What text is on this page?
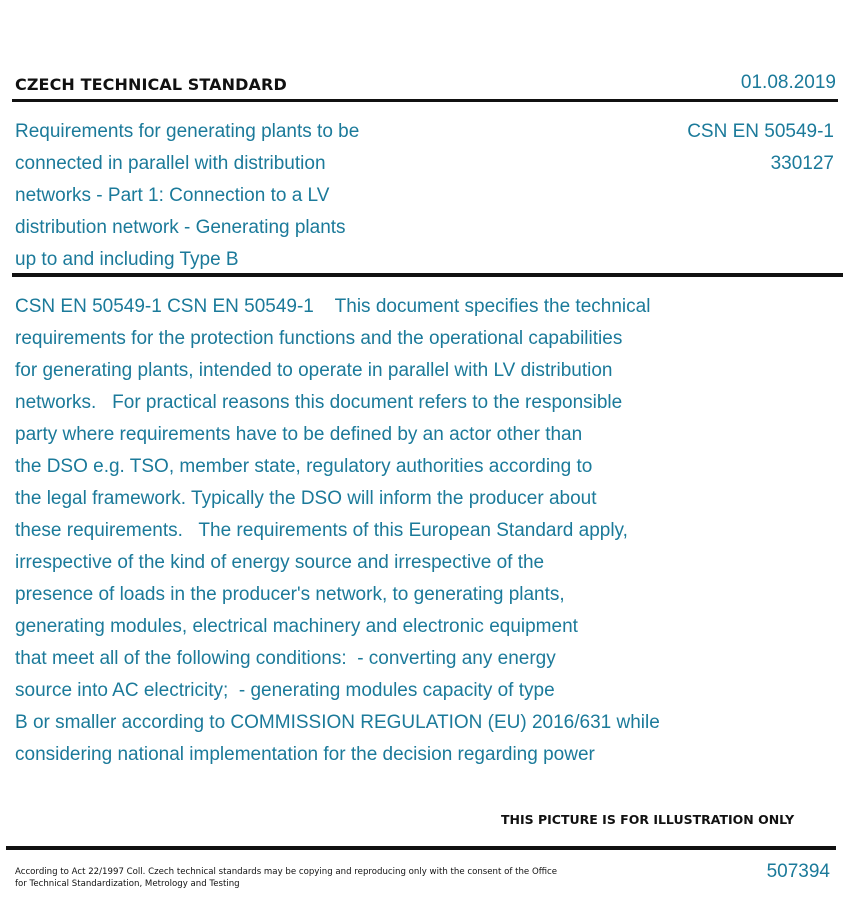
CZECH TECHNICAL STANDARD	01.08.2019
Requirements for generating plants to be
connected in parallel with distribution
networks - Part 1: Connection to a LV
distribution network - Generating plants
up to and including Type B
CSN EN 50549-1
330127
CSN EN 50549-1 CSN EN 50549-1    This document specifies the technical
requirements for the protection functions and the operational capabilities
for generating plants, intended to operate in parallel with LV distribution
networks.   For practical reasons this document refers to the responsible
party where requirements have to be defined by an actor other than
the DSO e.g. TSO, member state, regulatory authorities according to
the legal framework. Typically the DSO will inform the producer about
these requirements.   The requirements of this European Standard apply,
irrespective of the kind of energy source and irrespective of the
presence of loads in the producer's network, to generating plants,
generating modules, electrical machinery and electronic equipment
that meet all of the following conditions:  - converting any energy
source into AC electricity;  - generating modules capacity of type
B or smaller according to COMMISSION REGULATION (EU) 2016/631 while
considering national implementation for the decision regarding power
THIS PICTURE IS FOR ILLUSTRATION ONLY
According to Act 22/1997 Coll. Czech technical standards may be copying and reproducing only with the consent of the Office
for Technical Standardization, Metrology and Testing
507394
